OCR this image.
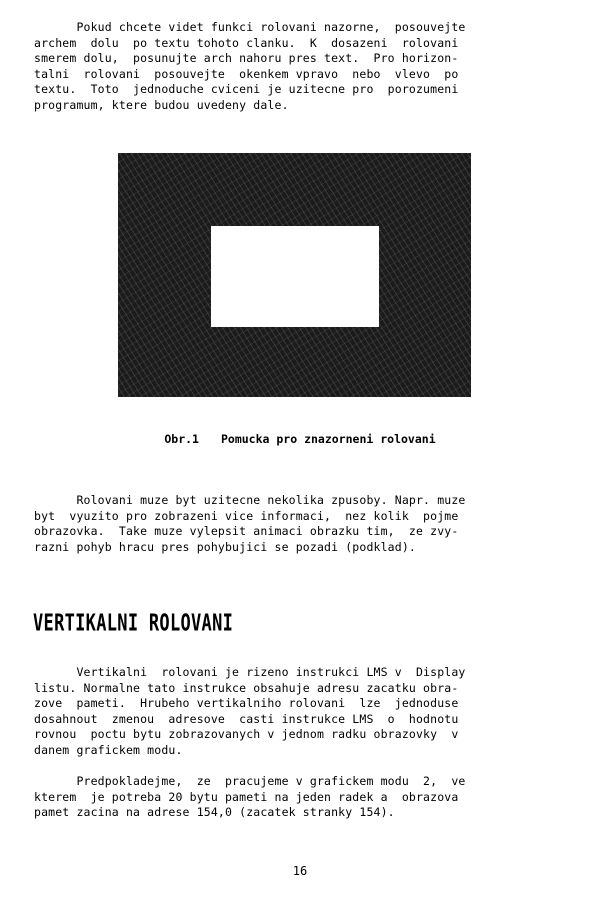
Pokud chcete videt funkci rolovani nazorne,  posouvejte
archem  dolu  po textu tohoto clanku.  K  dosazeni  rolovani
smerem dolu,  posunujte arch nahoru pres text.  Pro horizon-
talni  rolovani  posouvejte  okenkem vpravo  nebo  vlevo  po
textu.  Toto  jednoduche cviceni je uzitecne pro  porozumeni
programum, ktere budou uvedeny dale.
Obr.1 Pomucka pro znazorneni rolovani
Rolovani muze byt uzitecne nekolika zpusoby. Napr. muze
byt  vyuzito pro zobrazeni vice informaci,  nez kolik  pojme
obrazovka.  Take muze vylepsit animaci obrazku tim,  ze zvy-
razni pohyb hracu pres pohybujici se pozadi (podklad).
VERTIKALNI ROLOVANI
Vertikalni  rolovani je rizeno instrukci LMS v  Display
listu. Normalne tato instrukce obsahuje adresu zacatku obra-
zove  pameti.  Hrubeho vertikalniho rolovani  lze  jednoduse
dosahnout  zmenou  adresove  casti instrukce LMS  o  hodnotu
rovnou  poctu bytu zobrazovanych v jednom radku obrazovky  v
danem grafickem modu.
Predpokladejme,  ze  pracujeme v grafickem modu  2,  ve
kterem  je potreba 20 bytu pameti na jeden radek a  obrazova
pamet zacina na adrese 154,0 (zacatek stranky 154).
16
